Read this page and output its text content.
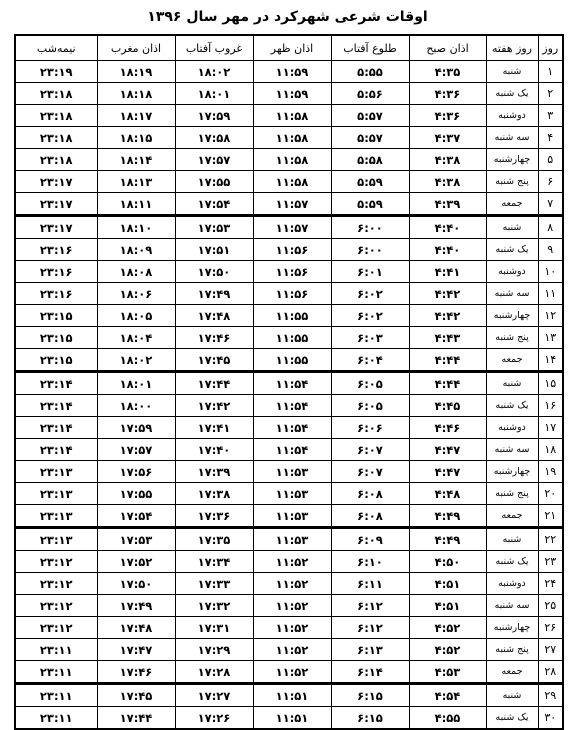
اوقات شرعی شهرکرد در مهر سال ۱۳۹۶
روز	روز هفته	اذان صبح	طلوع آفتاب	اذان ظهر	غروب آفتاب	اذان مغرب	نیمه‌شب
۱	شنبه	۴:۳۵	۵:۵۵	۱۱:۵۹	۱۸:۰۲	۱۸:۱۹	۲۳:۱۹
۲	یک شنبه	۴:۳۶	۵:۵۶	۱۱:۵۹	۱۸:۰۱	۱۸:۱۸	۲۳:۱۸
۳	دوشنبه	۴:۳۶	۵:۵۷	۱۱:۵۸	۱۷:۵۹	۱۸:۱۷	۲۳:۱۸
۴	سه شنبه	۴:۳۷	۵:۵۷	۱۱:۵۸	۱۷:۵۸	۱۸:۱۵	۲۳:۱۸
۵	چهارشنبه	۴:۳۸	۵:۵۸	۱۱:۵۸	۱۷:۵۷	۱۸:۱۴	۲۳:۱۸
۶	پنج شنبه	۴:۳۸	۵:۵۹	۱۱:۵۸	۱۷:۵۵	۱۸:۱۳	۲۳:۱۷
۷	جمعه	۴:۳۹	۵:۵۹	۱۱:۵۷	۱۷:۵۴	۱۸:۱۱	۲۳:۱۷
۸	شنبه	۴:۴۰	۶:۰۰	۱۱:۵۷	۱۷:۵۳	۱۸:۱۰	۲۳:۱۷
۹	یک شنبه	۴:۴۰	۶:۰۰	۱۱:۵۶	۱۷:۵۱	۱۸:۰۹	۲۳:۱۶
۱۰	دوشنبه	۴:۴۱	۶:۰۱	۱۱:۵۶	۱۷:۵۰	۱۸:۰۸	۲۳:۱۶
۱۱	سه شنبه	۴:۴۲	۶:۰۲	۱۱:۵۶	۱۷:۴۹	۱۸:۰۶	۲۳:۱۶
۱۲	چهارشنبه	۴:۴۲	۶:۰۲	۱۱:۵۵	۱۷:۴۸	۱۸:۰۵	۲۳:۱۵
۱۳	پنج شنبه	۴:۴۳	۶:۰۳	۱۱:۵۵	۱۷:۴۶	۱۸:۰۴	۲۳:۱۵
۱۴	جمعه	۴:۴۴	۶:۰۴	۱۱:۵۵	۱۷:۴۵	۱۸:۰۲	۲۳:۱۵
۱۵	شنبه	۴:۴۴	۶:۰۵	۱۱:۵۴	۱۷:۴۴	۱۸:۰۱	۲۳:۱۴
۱۶	یک شنبه	۴:۴۵	۶:۰۵	۱۱:۵۴	۱۷:۴۲	۱۸:۰۰	۲۳:۱۴
۱۷	دوشنبه	۴:۴۶	۶:۰۶	۱۱:۵۴	۱۷:۴۱	۱۷:۵۹	۲۳:۱۴
۱۸	سه شنبه	۴:۴۷	۶:۰۷	۱۱:۵۴	۱۷:۴۰	۱۷:۵۷	۲۳:۱۴
۱۹	چهارشنبه	۴:۴۷	۶:۰۷	۱۱:۵۳	۱۷:۳۹	۱۷:۵۶	۲۳:۱۳
۲۰	پنج شنبه	۴:۴۸	۶:۰۸	۱۱:۵۳	۱۷:۳۸	۱۷:۵۵	۲۳:۱۳
۲۱	جمعه	۴:۴۹	۶:۰۸	۱۱:۵۳	۱۷:۳۶	۱۷:۵۴	۲۳:۱۳
۲۲	شنبه	۴:۴۹	۶:۰۹	۱۱:۵۳	۱۷:۳۵	۱۷:۵۳	۲۳:۱۳
۲۳	یک شنبه	۴:۵۰	۶:۱۰	۱۱:۵۲	۱۷:۳۴	۱۷:۵۲	۲۳:۱۲
۲۴	دوشنبه	۴:۵۱	۶:۱۱	۱۱:۵۲	۱۷:۳۳	۱۷:۵۰	۲۳:۱۲
۲۵	سه شنبه	۴:۵۱	۶:۱۲	۱۱:۵۲	۱۷:۳۲	۱۷:۴۹	۲۳:۱۲
۲۶	چهارشنبه	۴:۵۲	۶:۱۲	۱۱:۵۲	۱۷:۳۱	۱۷:۴۸	۲۳:۱۲
۲۷	پنج شنبه	۴:۵۲	۶:۱۳	۱۱:۵۲	۱۷:۲۹	۱۷:۴۷	۲۳:۱۱
۲۸	جمعه	۴:۵۳	۶:۱۴	۱۱:۵۲	۱۷:۲۸	۱۷:۴۶	۲۳:۱۱
۲۹	شنبه	۴:۵۴	۶:۱۵	۱۱:۵۱	۱۷:۲۷	۱۷:۴۵	۲۳:۱۱
۳۰	یک شنبه	۴:۵۵	۶:۱۵	۱۱:۵۱	۱۷:۲۶	۱۷:۴۴	۲۳:۱۱
